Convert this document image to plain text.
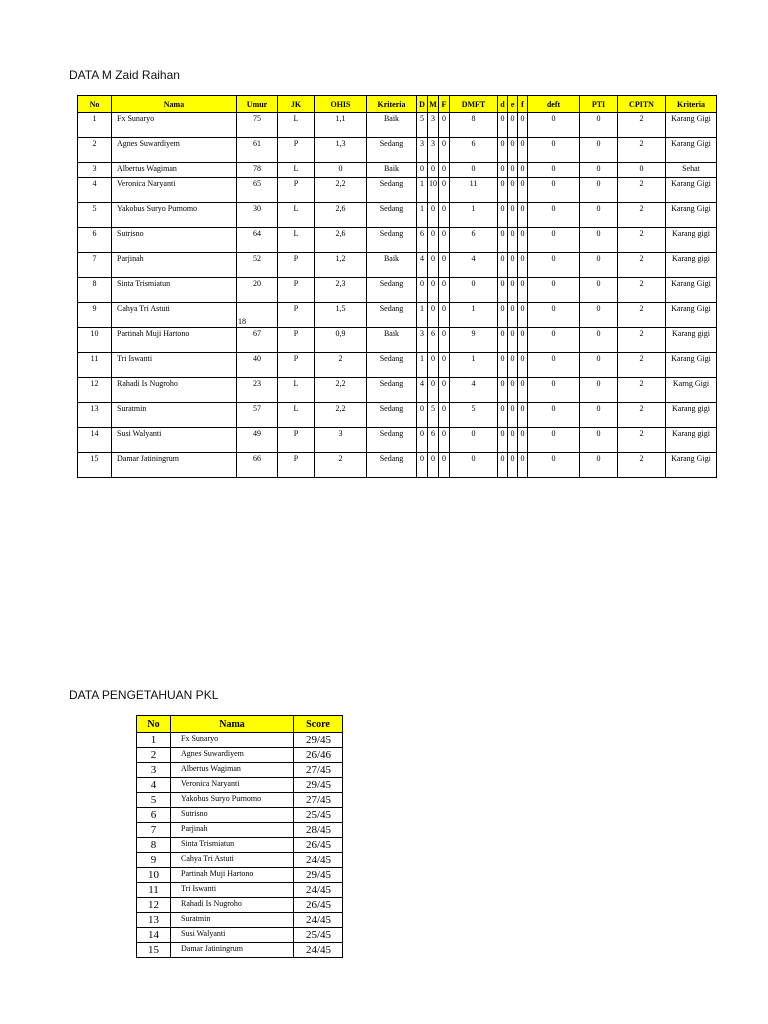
DATA M Zaid Raihan
No	Nama	Umur	JK	OHIS	Kriteria	D	M	F	DMFT	d	e	f	deft	PTI	CPITN	Kriteria
1	Fx Sunaryo	75	L	1,1	Baik	5	3	0	8	0	0	0	0	0	2	Karang Gigi
2	Agnes Suwardiyem	61	P	1,3	Sedang	3	3	0	6	0	0	0	0	0	2	Karang Gigi
3	Albertus Wagiman	78	L	0	Baik	0	0	0	0	0	0	0	0	0	0	Sehat
4	Veronica Naryanti	65	P	2,2	Sedang	1	10	0	11	0	0	0	0	0	2	Karang Gigi
5	Yakobus Suryo Purnomo	30	L	2,6	Sedang	1	0	0	1	0	0	0	0	0	2	Karang Gigi
6	Sutrisno	64	L	2,6	Sedang	6	0	0	6	0	0	0	0	0	2	Karang gigi
7	Parjinah	52	P	1,2	Baik	4	0	0	4	0	0	0	0	0	2	Karang gigi
8	Sinta Trismiatun	20	P	2,3	Sedang	0	0	0	0	0	0	0	0	0	2	Karang Gigi
9	Cahya Tri Astuti	18	P	1,5	Sedang	1	0	0	1	0	0	0	0	0	2	Karang Gigi
10	Partinah Muji Hartono	67	P	0,9	Baik	3	6	0	9	0	0	0	0	0	2	Karang gigi
11	Tri Iswanti	40	P	2	Sedang	1	0	0	1	0	0	0	0	0	2	Karang Gigi
12	Rahadi Is Nugroho	23	L	2,2	Sedang	4	0	0	4	0	0	0	0	0	2	Karng Gigi
13	Suratmin	57	L	2,2	Sedang	0	5	0	5	0	0	0	0	0	2	Karang gigi
14	Susi Walyanti	49	P	3	Sedang	0	6	0	0	0	0	0	0	0	2	Karang gigi
15	Damar Jatiningrum	66	P	2	Sedang	0	0	0	0	0	0	0	0	0	2	Karang Gigi
DATA PENGETAHUAN PKL
No	Nama	Score
1	Fx Sunaryo	29/45
2	Agnes Suwardiyem	26/46
3	Albertus Wagiman	27/45
4	Veronica Naryanti	29/45
5	Yakobus Suryo Purnomo	27/45
6	Sutrisno	25/45
7	Parjinah	28/45
8	Sinta Trismiatun	26/45
9	Cahya Tri Astuti	24/45
10	Partinah Muji Hartono	29/45
11	Tri Iswanti	24/45
12	Rahadi Is Nugroho	26/45
13	Suratmin	24/45
14	Susi Walyanti	25/45
15	Damar Jatiningrum	24/45
